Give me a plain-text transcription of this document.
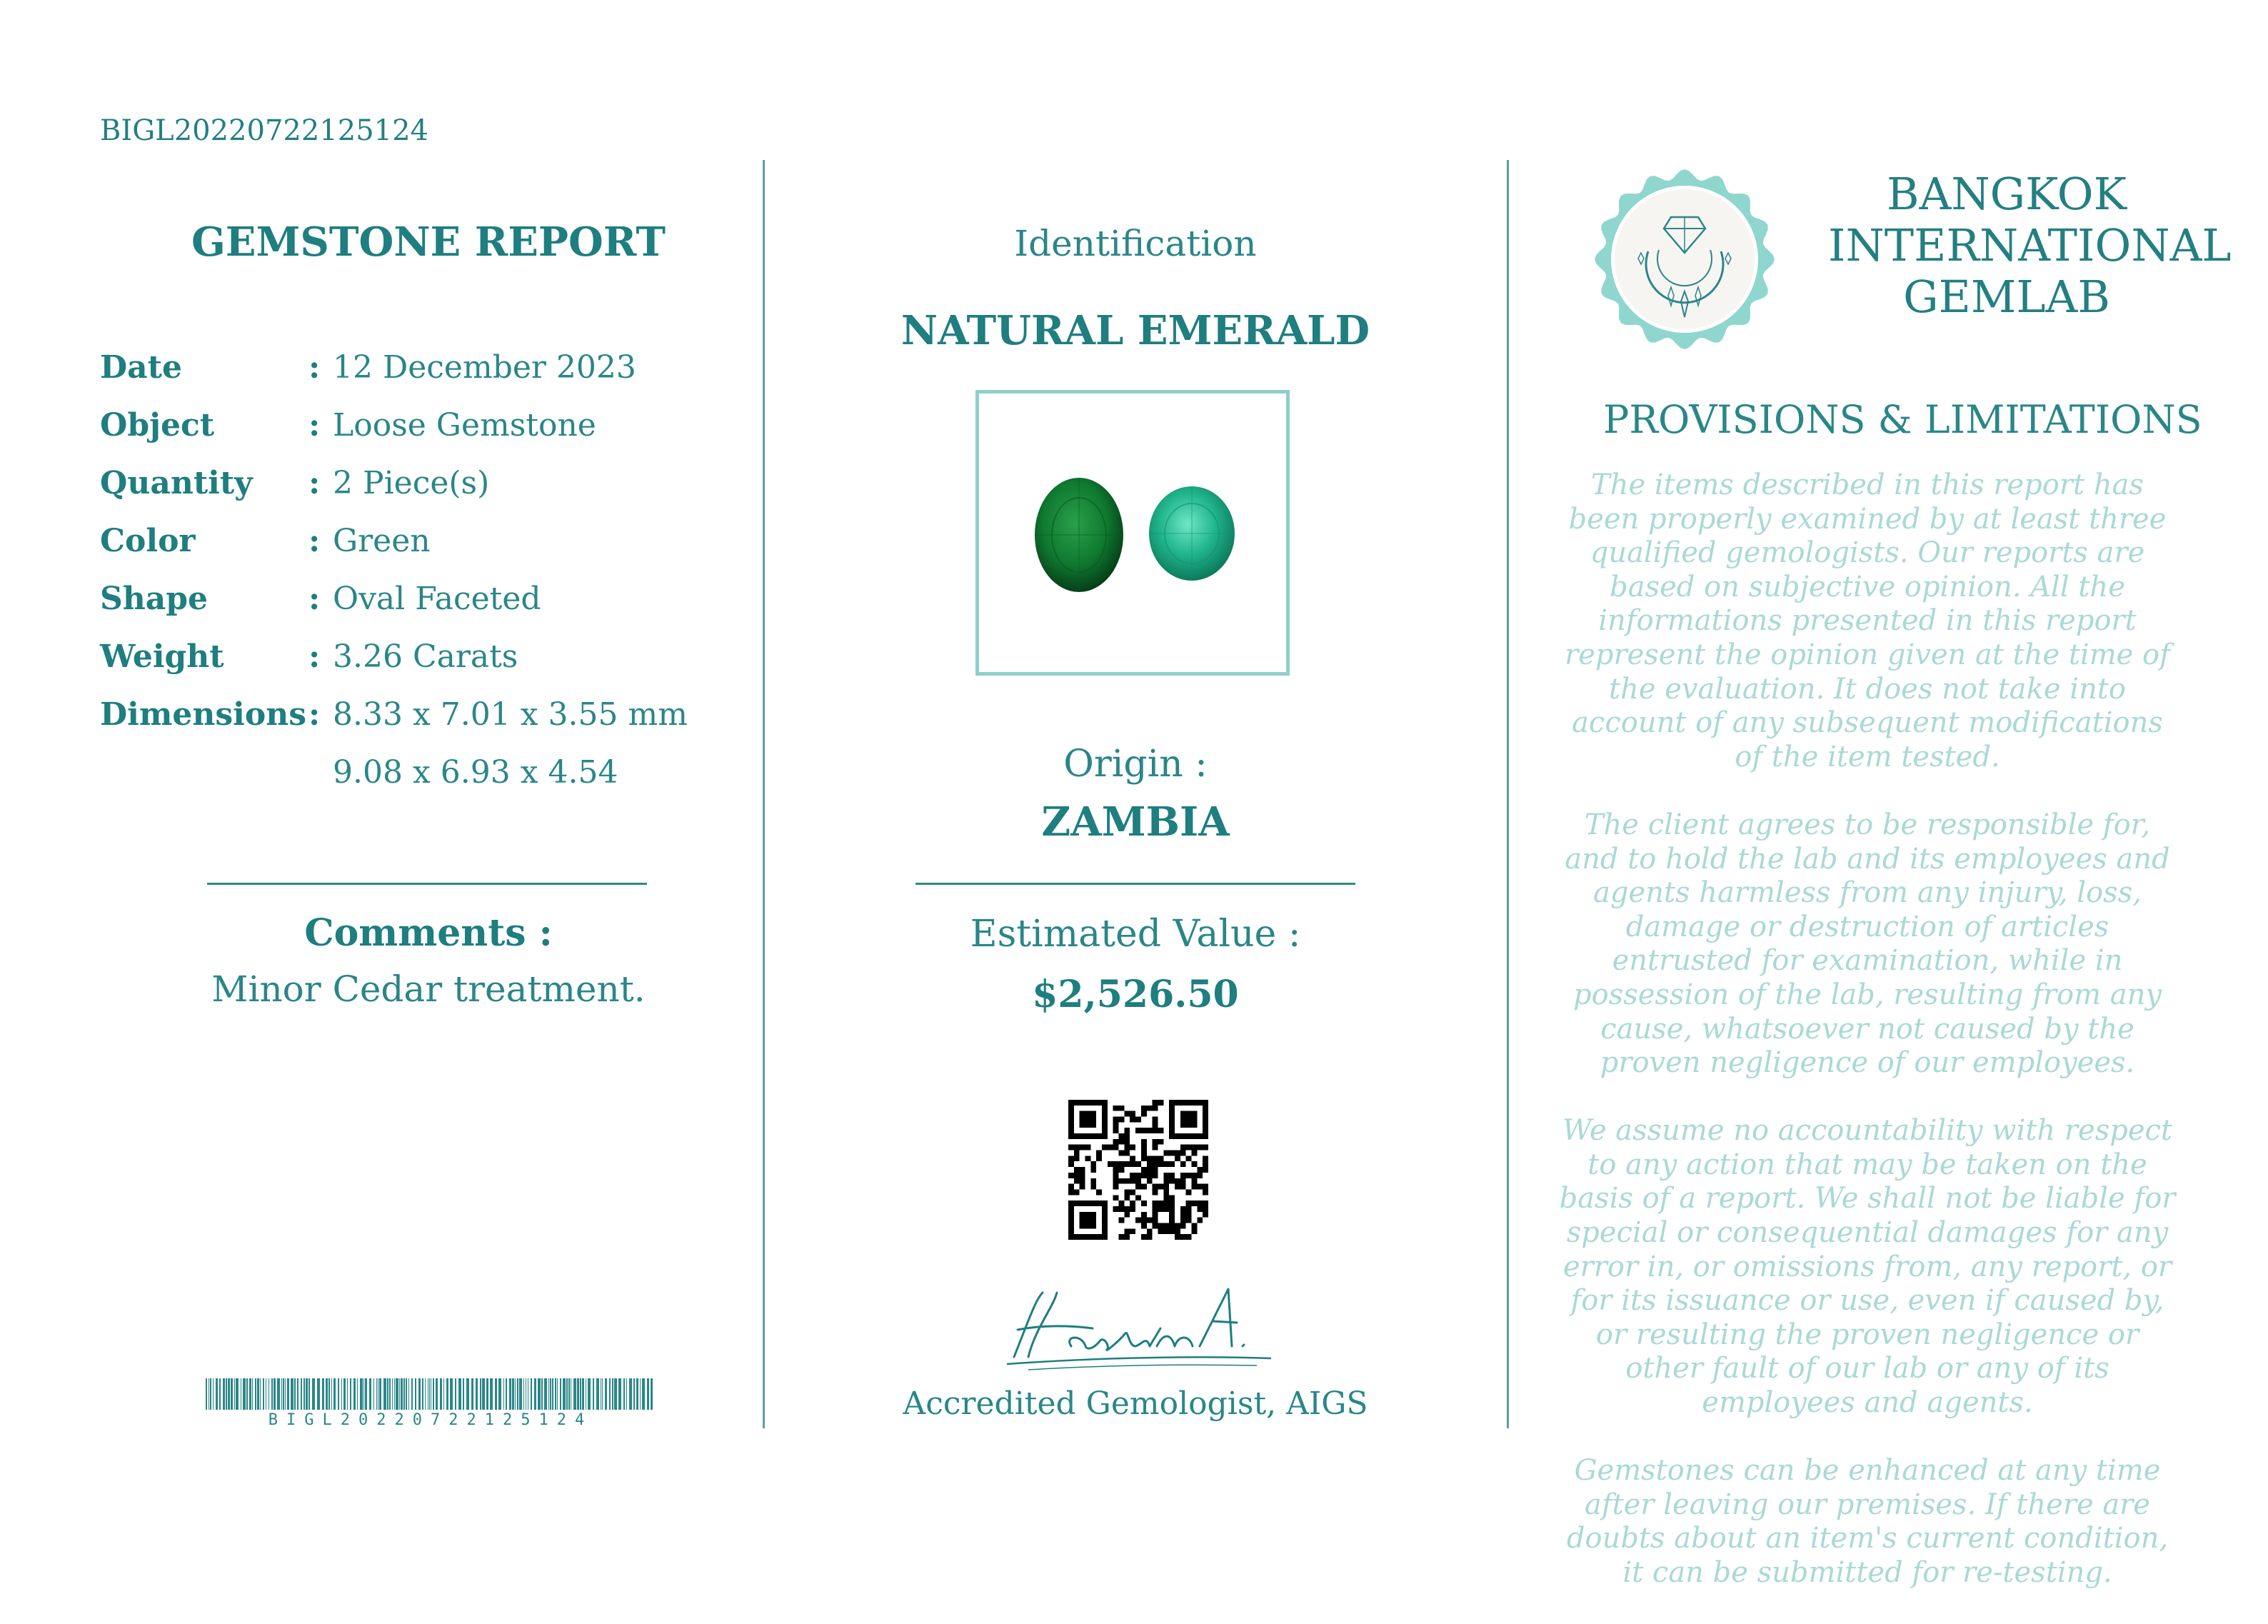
BIGL20220722125124
GEMSTONE REPORT
Date	: 12 December 2023
Object	: Loose Gemstone
Quantity	: 2 Piece(s)
Color	: Green
Shape	: Oval Faceted
Weight	: 3.26 Carats
Dimensions : 8.33 x 7.01 x 3.55 mm
9.08 x 6.93 x 4.54
Comments :
Minor Cedar treatment.
BIGL20220722125124
Identification
NATURAL EMERALD
Origin :
ZAMBIA
Estimated Value :
$2,526.50
Accredited Gemologist, AIGS
BANGKOK
INTERNATIONAL
GEMLAB
PROVISIONS & LIMITATIONS

The items described in this report has been properly examined by at least three qualified gemologists. Our reports are based on subjective opinion. All the informations presented in this report represent the opinion given at the time of the evaluation. It does not take into account of any subsequent modifications of the item tested.

The client agrees to be responsible for, and to hold the lab and its employees and agents harmless from any injury, loss, damage or destruction of articles entrusted for examination, while in possession of the lab, resulting from any cause, whatsoever not caused by the proven negligence of our employees.

We assume no accountability with respect to any action that may be taken on the basis of a report. We shall not be liable for special or consequential damages for any error in, or omissions from, any report, or for its issuance or use, even if caused by, or resulting the proven negligence or other fault of our lab or any of its employees and agents.

Gemstones can be enhanced at any time after leaving our premises. If there are doubts about an item's current condition, it can be submitted for re-testing.
